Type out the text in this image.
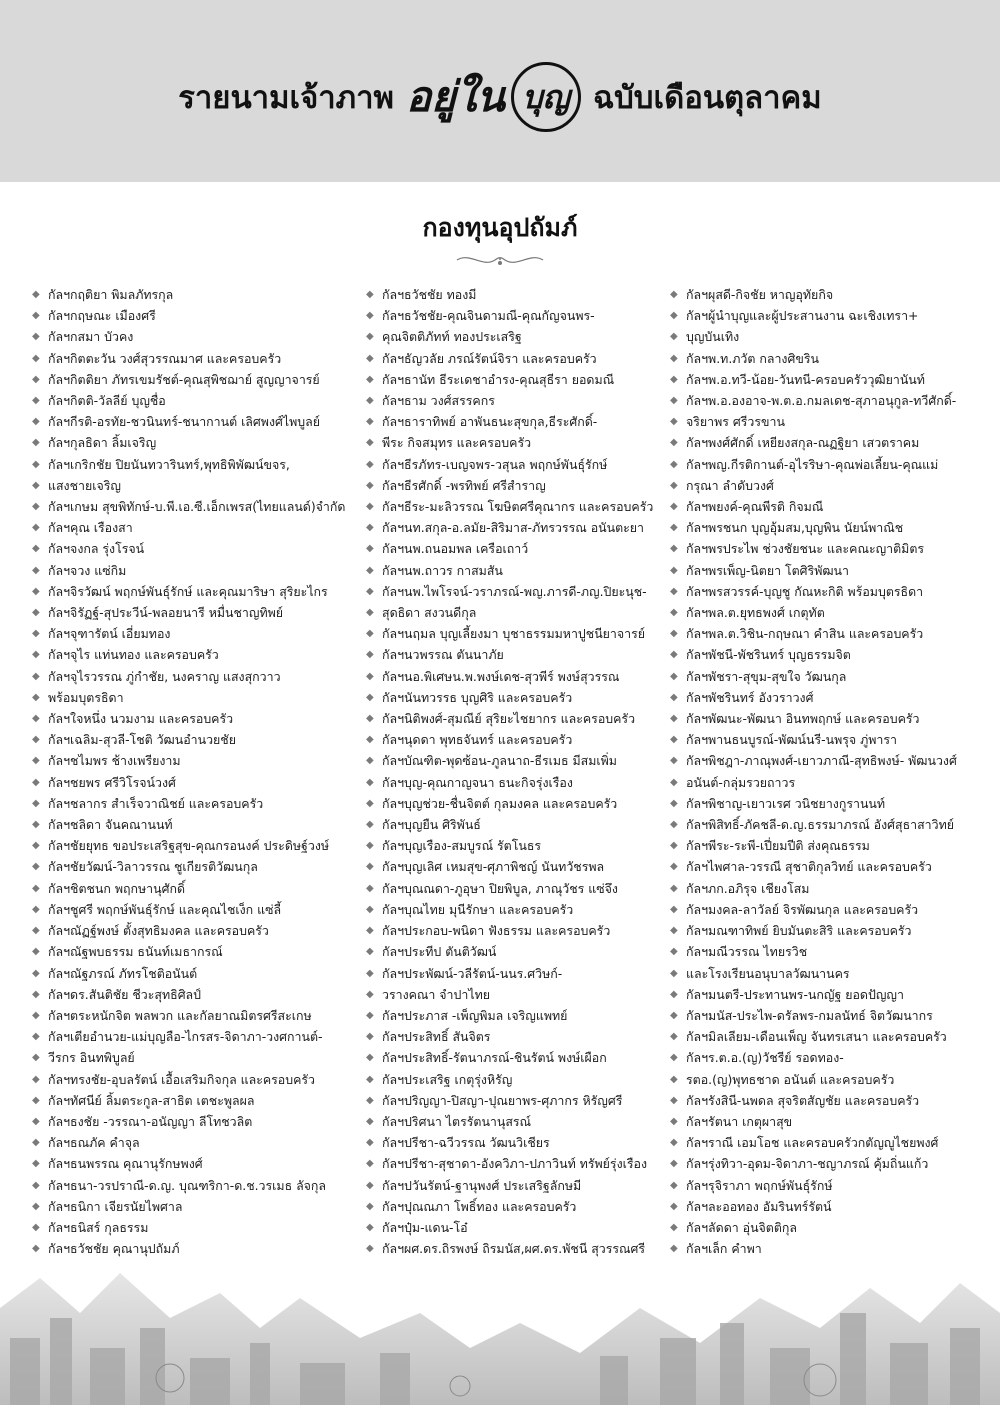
รายนามเจ้าภาพ อยู่ใน บุญ ฉบับเดือนตุลาคม
กองทุนอุปถัมภ์
◆ กัลฯกฤติยา พิมลภัทรกุล
◆ กัลฯกฤษณะ เมืองศรี
◆ กัลฯกสมา บัวคง
◆ กัลฯกิตตะวัน วงศ์สุวรรณมาศ และครอบครัว
◆ กัลฯกิตติยา ภัทรเขมรัชต์-คุณสุพิชฌาย์ สูญญาจารย์
◆ กัลฯกิตติ-วัลลีย์ บุญชื่อ
◆ กัลฯกีรติ-อรทัย-ชวนินทร์-ชนากานต์ เลิศพงศ์ไพบูลย์
◆ กัลฯกุลธิดา ลิ้มเจริญ
◆ กัลฯเกริกชัย ปิยนันทวารินทร์,พุทธิพิพัฒน์ขจร,
◆ แสงชายเจริญ
◆ กัลฯเกษม สุขพิทักษ์-บ.พี.เอ.ซี.เอ็กเพรส(ไทยแลนด์)จำกัด
◆ กัลฯคุณ เรืองสา
◆ กัลฯจงกล รุ่งโรจน์
◆ กัลฯจวง แซ่กิม
◆ กัลฯจิรวัฒน์ พฤกษ์พันธุ์รักษ์ และคุณมาริษา สุริยะไกร
◆ กัลฯจิรัฏฐ์-สุประวีน์-พลอยนารี หมื่นชาญทิพย์
◆ กัลฯจุฑารัตน์ เอี่ยมทอง
◆ กัลฯจุไร แท่นทอง และครอบครัว
◆ กัลฯจุไรวรรณ ภู่กำชัย, นงคราญ แสงสุกวาว
◆ พร้อมบุตรธิดา
◆ กัลฯใจหนึ่ง นวมงาม และครอบครัว
◆ กัลฯเฉลิม-สุวลี-โชติ วัฒนอำนวยชัย
◆ กัลฯชไมพร ช้างเพรียงาม
◆ กัลฯชยพร ศรีวิโรจน์วงศ์
◆ กัลฯชลากร สำเร็จวาณิชย์ และครอบครัว
◆ กัลฯชลิดา จันคณานนท์
◆ กัลฯชัยยุทธ ขอประเสริฐสุข-คุณกรอนงค์ ประดิษฐ์วงษ์
◆ กัลฯชัยวัฒน์-วิลาวรรณ ชูเกียรติวัฒนกุล
◆ กัลฯชิตชนก พฤกษานุศักดิ์
◆ กัลฯชูศรี พฤกษ์พันธุ์รักษ์ และคุณไชเง็ก แซ่ลี้
◆ กัลฯณัฏฐ์พงษ์ ตั้งสุทธิมงคล และครอบครัว
◆ กัลฯณัฐพบธรรม ธนันท์เมธากรณ์
◆ กัลฯณัฐภรณ์ ภัทรโชติอนันต์
◆ กัลฯดร.สันติชัย ชีวะสุทธิศิลป์
◆ กัลฯตระหนักจิต พลพวก และกัลยาณมิตรศรีสะเกษ
◆ กัลฯเตียอำนวย-แม่บุญลือ-ไกรสร-จิดาภา-วงศกานต์-
◆ วีรกร อินทพิบูลย์
◆ กัลฯทรงชัย-อุบลรัตน์ เอื้อเสริมกิจกุล และครอบครัว
◆ กัลฯทัศนีย์ ลิ้มตระกูล-สาธิต เตชะพูลผล
◆ กัลฯธงชัย -วรรณา-อนัญญา ลีโทชวลิต
◆ กัลฯธณภัค คำจุล
◆ กัลฯธนพรรณ คุณานุรักษพงศ์
◆ กัลฯธนา-วรปราณี-ด.ญ. บุณฑริกา-ด.ช.วรเมธ ลัจกุล
◆ กัลฯธนิกา เจียรนัยไพศาล
◆ กัลฯธนิสร์ กุลธรรม
◆ กัลฯธวัชชัย คุณานุปถัมภ์
◆ กัลฯธวัชชัย ทองมี
◆ กัลฯธวัชชัย-คุณจินดามณี-คุณกัญจนพร-
◆ คุณจิตติภัทท์ ทองประเสริฐ
◆ กัลฯธัญวลัย ภรณ์รัตน์จิรา และครอบครัว
◆ กัลฯธานัท ธีระเดชาอำรง-คุณสุธีรา ยอดมณี
◆ กัลฯธาม วงศ์สรรคกร
◆ กัลฯธาราทิพย์ อาพันธนะสุขกุล,ธีระศักดิ์-
◆ พีระ กิจสมุทร และครอบครัว
◆ กัลฯธีรภัทร-เบญจพร-วสุนล พฤกษ์พันธุ์รักษ์
◆ กัลฯธีรศักดิ์ -พรทิพย์ ศรีสำราญ
◆ กัลฯธีระ-มะลิวรรณ โฆษิตศรีคุณากร และครอบครัว
◆ กัลฯนท.สกุล-อ.ลมัย-สิริมาส-ภัทรวรรณ อนันตะยา
◆ กัลฯนพ.ถนอมพล เครือเถาว์
◆ กัลฯนพ.ถาวร กาสมสัน
◆ กัลฯนพ.ไพโรจน์-วราภรณ์-พญ.ภารดี-ภญ.ปิยะนุช-
◆ สุดธิดา สงวนดีกุล
◆ กัลฯนฤมล บุญเลี้ยงมา บุชาธรรมมหาปูชนียาจารย์
◆ กัลฯนวพรรณ ตันนาภัย
◆ กัลฯนอ.พิเศษน.พ.พงษ์เดช-สุวพีร์ พงษ์สุวรรณ
◆ กัลฯนันทวรรธ บุญศิริ และครอบครัว
◆ กัลฯนิติพงศ์-สุมณีย์ สุริยะไชยากร และครอบครัว
◆ กัลฯนุดดา พุทธจันทร์ และครอบครัว
◆ กัลฯบัณฑิต-พุดซ้อน-ภูลนาถ-ธีรเมธ มีสมเพิ่ม
◆ กัลฯบุญ-คุณกาญจนา ธนะกิจรุ่งเรือง
◆ กัลฯบุญช่วย-ชื่นจิตต์ กุลมงคล และครอบครัว
◆ กัลฯบุญยืน ศิริพันธ์
◆ กัลฯบุญเรือง-สมบูรณ์ รัตโนธร
◆ กัลฯบุญเลิศ เหมสุข-ศุภาพิชญ์ นันทวัชรพล
◆ กัลฯบุณณดา-ภูอุษา ปิยพิบูล, ภาณุวัชร แซ่จึง
◆ กัลฯบุณไทย มุนีรักษา และครอบครัว
◆ กัลฯประกอบ-พนิดา ฟังธรรม และครอบครัว
◆ กัลฯประทีป ตันติวัฒน์
◆ กัลฯประพัฒน์-วลีรัตน์-นนร.ศวิษก์-
◆ วรางคณา จำปาไทย
◆ กัลฯประภาส -เพ็ญพิมล เจริญแพทย์
◆ กัลฯประสิทธิ์ สันจิตร
◆ กัลฯประสิทธิ์-รัตนาภรณ์-ชินรัตน์ พงษ์เผือก
◆ กัลฯประเสริฐ เกตุรุ่งหิรัญ
◆ กัลฯปริญญา-ปิสญา-ปุณยาพร-ศุภากร หิรัญศรี
◆ กัลฯปริศนา ไตรรัตนานุสรณ์
◆ กัลฯปรีชา-ฉวีวรรณ วัฒนวิเชียร
◆ กัลฯปรีชา-สุชาดา-อังควิภา-ปภาวินท์ ทรัพย์รุ่งเรือง
◆ กัลฯปวันรัตน์-ฐานุพงศ์ ประเสริฐลักษมี
◆ กัลฯปุณณภา โพธิ์ทอง และครอบครัว
◆ กัลฯปุ๋ม-แดน-โอ๋
◆ กัลฯผศ.ดร.ถิรพงษ์ ถิรมนัส,ผศ.ดร.พัชนี สุวรรณศรี
◆ กัลฯผุสดี-กิจชัย หาญอุทัยกิจ
◆ กัลฯผู้นำบุญและผู้ประสานงาน ฉะเชิงเทรา+
◆ บุญบันเทิง
◆ กัลฯพ.ท.ภวัต กลางศิขริน
◆ กัลฯพ.อ.ทวี-น้อย-วันทนี-ครอบครัววุฒิยานันท์
◆ กัลฯพ.อ.องอาจ-พ.ต.อ.กมลเดช-สุภาอนุกูล-ทวีศักดิ์-
◆ จริยาพร ศรีวรขาน
◆ กัลฯพงศ์ศักดิ์ เหยียงสกุล-ณฏฐิยา เสวตราคม
◆ กัลฯพญ.กีรติกานต์-อุไรริษา-คุณพ่อเลี้ยน-คุณแม่
◆ กรุณา ลำดับวงศ์
◆ กัลฯพยงค์-คุณพีรติ กิจมณี
◆ กัลฯพรชนก บุญอุ้มสม,บุญพิน นัยน์พาณิช
◆ กัลฯพรประไพ ช่วงชัยชนะ และคณะญาติมิตร
◆ กัลฯพรเพ็ญ-นิตยา โตศิริพัฒนา
◆ กัลฯพรสวรรค์-บุญชู กัณหะกิติ พร้อมบุตรธิดา
◆ กัลฯพล.ต.ยุทธพงศ์ เกตุทัต
◆ กัลฯพล.ต.วิชิน-กฤษณา คำสิน และครอบครัว
◆ กัลฯพัชนี-พัชรินทร์ บุญธรรมจิต
◆ กัลฯพัชรา-สุขุม-สุขใจ วัฒนกุล
◆ กัลฯพัชรินทร์ อังวราวงศ์
◆ กัลฯพัฒนะ-พัฒนา อินทพฤกษ์ และครอบครัว
◆ กัลฯพานธนบูรณ์-พัฒน์นรี-นพรุจ ภู่พารา
◆ กัลฯพิชฎา-ภาณุพงศ์-เยาวภาณี-สุทธิพงษ์- พัฒนวงศ์
◆ อนันต์-กลุ่มรวยถาวร
◆ กัลฯพิชาญ-เยาวเรศ วนิชยางกูรานนท์
◆ กัลฯพิสิทธิ์-ภัคชลี-ด.ญ.ธรรมาภรณ์ อังศ์สุธาสาวิทย์
◆ กัลฯพีระ-ระพี-เปี่ยมปีติ ส่งคุณธรรม
◆ กัลฯไพศาล-วรรณี สุชาติกุลวิทย์ และครอบครัว
◆ กัลฯภก.อภิรุจ เชียงโสม
◆ กัลฯมงคล-ลาวัลย์ จิรพัฒนกุล และครอบครัว
◆ กัลฯมณฑาทิพย์ ยิบมันตะสิริ และครอบครัว
◆ กัลฯมณีวรรณ ไทยรวิช
◆ และโรงเรียนอนุบาลวัฒนานคร
◆ กัลฯมนตรี-ประทานพร-นกญัฐ ยอดปัญญา
◆ กัลฯมนัส-ประไพ-ดรัลพร-กมลนัทธ์ จิตวัฒนากร
◆ กัลฯมิลเลียม-เดือนเพ็ญ จันทรเสนา และครอบครัว
◆ กัลฯร.ต.อ.(ญ)วัชรีย์ รอดทอง-
◆ รตอ.(ญ)พุทธชาด อนันต์ และครอบครัว
◆ กัลฯรังสินี-นพดล สุจริตสัญชัย และครอบครัว
◆ กัลฯรัตนา เกตุผาสุข
◆ กัลฯราณี เอมโอช และครอบครัวกตัญญูไชยพงศ์
◆ กัลฯรุ่งทิวา-อุดม-จิดาภา-ชญาภรณ์ คุ้มถิ่นแก้ว
◆ กัลฯรุจิราภา พฤกษ์พันธุ์รักษ์
◆ กัลฯละออทอง อัมรินทร์รัตน์
◆ กัลฯลัดดา อุ่นจิตติกุล
◆ กัลฯเล็ก คำพา
